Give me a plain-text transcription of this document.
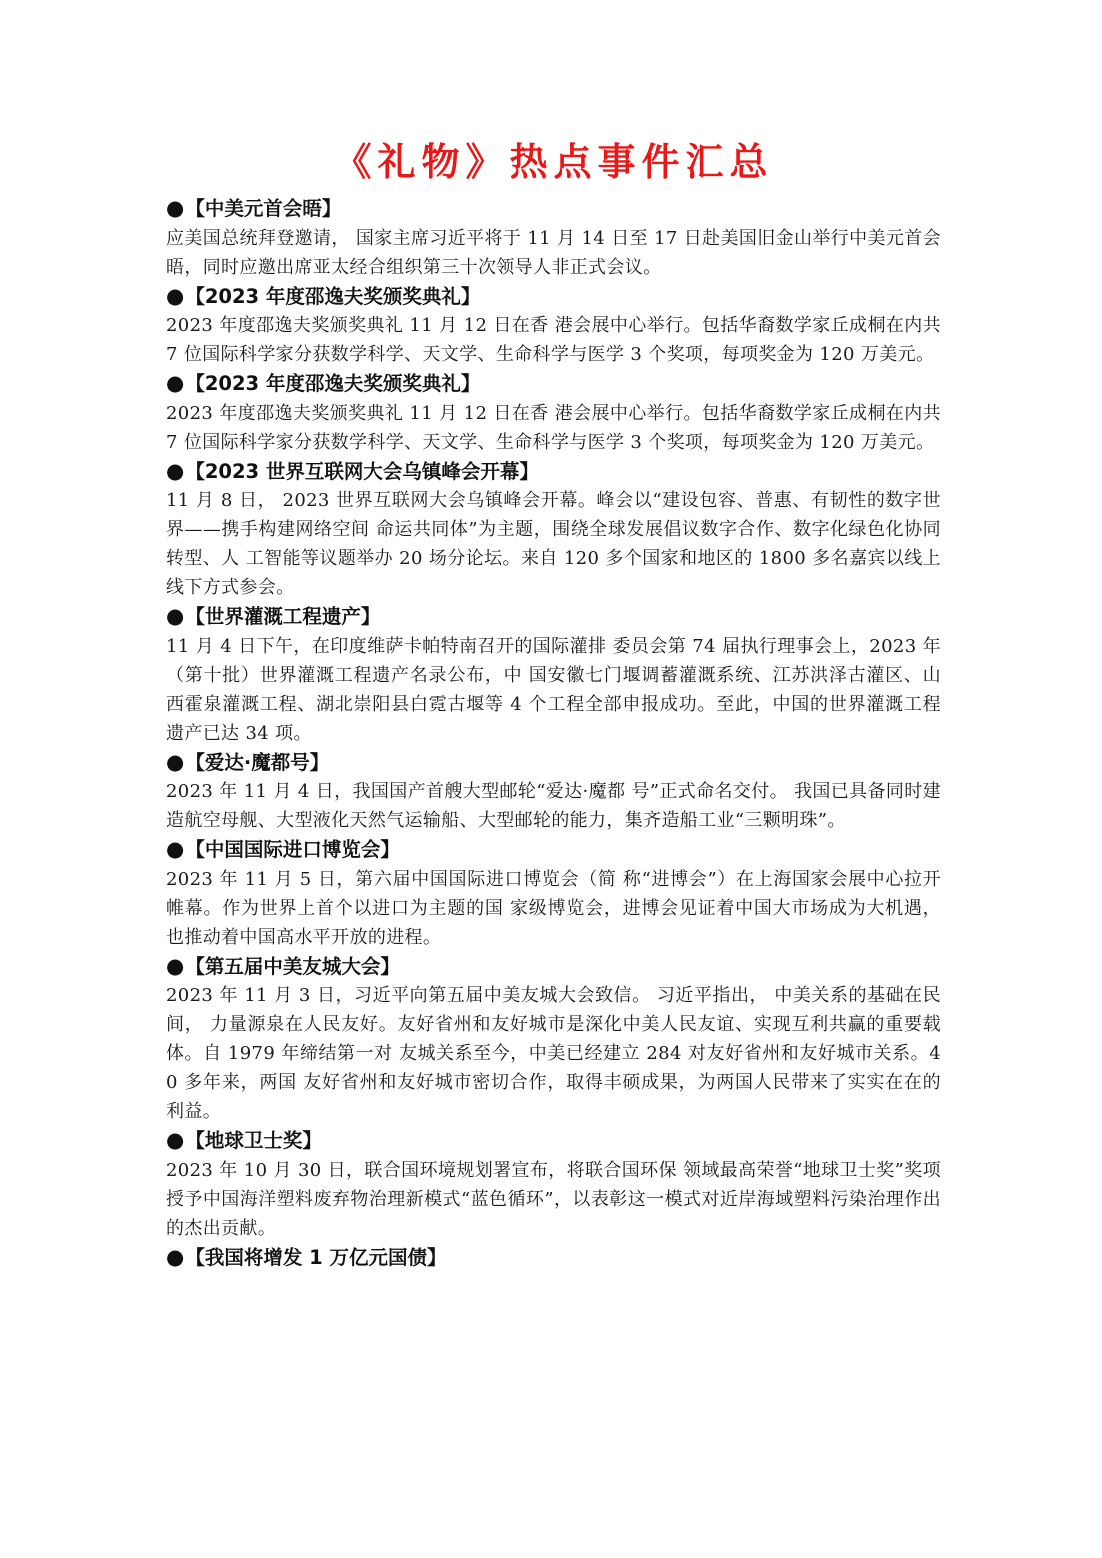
《礼物》热点事件汇总
●【中美元首会晤】

应美国总统拜登邀请， 国家主席习近平将于 11 月 14 日至 17 日赴美国旧金山举行中美元首会晤，同时应邀出席亚太经合组织第三十次领导人非正式会议。

●【2023 年度邵逸夫奖颁奖典礼】

2023 年度邵逸夫奖颁奖典礼 11 月 12 日在香 港会展中心举行。包括华裔数学家丘成桐在内共 7 位国际科学家分获数学科学、天文学、生命科学与医学 3 个奖项，每项奖金为 120 万美元。

●【2023 年度邵逸夫奖颁奖典礼】

2023 年度邵逸夫奖颁奖典礼 11 月 12 日在香 港会展中心举行。包括华裔数学家丘成桐在内共 7 位国际科学家分获数学科学、天文学、生命科学与医学 3 个奖项，每项奖金为 120 万美元。

●【2023 世界互联网大会乌镇峰会开幕】

11 月 8 日， 2023 世界互联网大会乌镇峰会开幕。峰会以“建设包容、普惠、有韧性的数字世界——携手构建网络空间 命运共同体”为主题，围绕全球发展倡议数字合作、数字化绿色化协同转型、人 工智能等议题举办 20 场分论坛。来自 120 多个国家和地区的 1800 多名嘉宾以线上线下方式参会。

●【世界灌溉工程遗产】

11 月 4 日下午，在印度维萨卡帕特南召开的国际灌排 委员会第 74 届执行理事会上，2023 年（第十批）世界灌溉工程遗产名录公布，中 国安徽七门堰调蓄灌溉系统、江苏洪泽古灌区、山西霍泉灌溉工程、湖北崇阳县白霓古堰等 4 个工程全部申报成功。至此，中国的世界灌溉工程遗产已达 34 项。

●【爱达·魔都号】

2023 年 11 月 4 日，我国国产首艘大型邮轮“爱达·魔都 号”正式命名交付。 我国已具备同时建造航空母舰、大型液化天然气运输船、大型邮轮的能力，集齐造船工业“三颗明珠”。

●【中国国际进口博览会】

2023 年 11 月 5 日，第六届中国国际进口博览会（简 称“进博会”）在上海国家会展中心拉开帷幕。作为世界上首个以进口为主题的国 家级博览会，进博会见证着中国大市场成为大机遇，也推动着中国高水平开放的进程。

●【第五届中美友城大会】

2023 年 11 月 3 日，习近平向第五届中美友城大会致信。 习近平指出， 中美关系的基础在民间， 力量源泉在人民友好。友好省州和友好城市是深化中美人民友谊、实现互利共赢的重要载体。自 1979 年缔结第一对 友城关系至今，中美已经建立 284 对友好省州和友好城市关系。40 多年来，两国 友好省州和友好城市密切合作，取得丰硕成果，为两国人民带来了实实在在的利益。

●【地球卫士奖】

2023 年 10 月 30 日，联合国环境规划署宣布，将联合国环保 领域最高荣誉“地球卫士奖”奖项授予中国海洋塑料废弃物治理新模式“蓝色循环”，以表彰这一模式对近岸海域塑料污染治理作出的杰出贡献。

●【我国将增发 1 万亿元国债】
